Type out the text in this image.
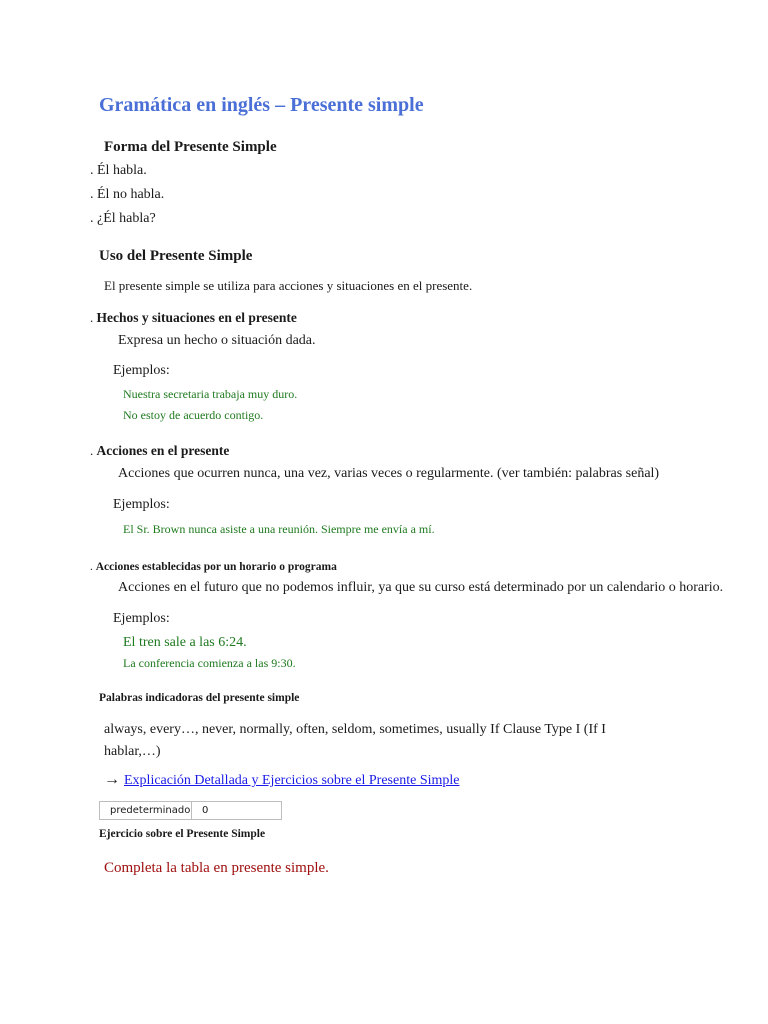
Gramática en inglés – Presente simple
Forma del Presente Simple
. Él habla.
. Él no habla.
. ¿Él habla?
Uso del Presente Simple
El presente simple se utiliza para acciones y situaciones en el presente.
. Hechos y situaciones en el presente
Expresa un hecho o situación dada.
Ejemplos:
Nuestra secretaria trabaja muy duro.
No estoy de acuerdo contigo.
. Acciones en el presente
Acciones que ocurren nunca, una vez, varias veces o regularmente. (ver también: palabras señal)
Ejemplos:
El Sr. Brown nunca asiste a una reunión. Siempre me envía a mí.
. Acciones establecidas por un horario o programa
Acciones en el futuro que no podemos influir, ya que su curso está determinado por un calendario o horario.
Ejemplos:
El tren sale a las 6:24.
La conferencia comienza a las 9:30.
Palabras indicadoras del presente simple
always, every…, never, normally, often, seldom, sometimes, usually If Clause Type I (If I
hablar,…)
→ Explicación Detallada y Ejercicios sobre el Presente Simple
predeterminado	0
Ejercicio sobre el Presente Simple
Completa la tabla en presente simple.
